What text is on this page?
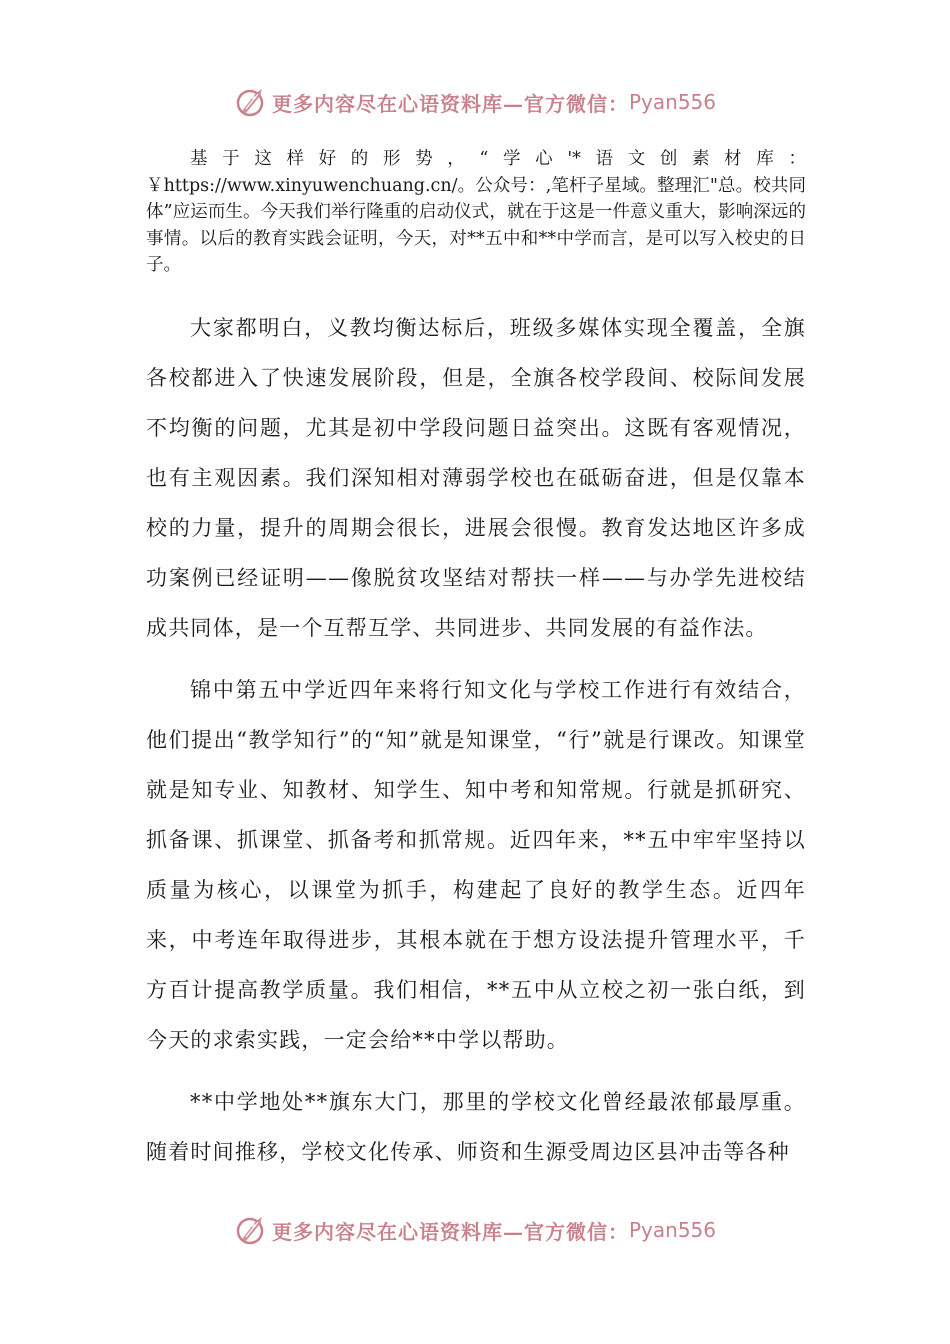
更多内容尽在心语资料库—官方微信： Pyan556

基于这样好的形势，“学心'*语文创素材库：￥https://www.xinyuwenchuang.cn/。公众号：,笔杆子星域。整理汇"总。校共同体”应运而生。今天我们举行隆重的启动仪式，就在于这是一件意义重大，影响深远的事情。以后的教育实践会证明，今天，对**五中和**中学而言，是可以写入校史的日子。

大家都明白，义教均衡达标后，班级多媒体实现全覆盖，全旗各校都进入了快速发展阶段，但是，全旗各校学段间、校际间发展不均衡的问题，尤其是初中学段问题日益突出。这既有客观情况，也有主观因素。我们深知相对薄弱学校也在砥砺奋进，但是仅靠本校的力量，提升的周期会很长，进展会很慢。教育发达地区许多成功案例已经证明——像脱贫攻坚结对帮扶一样——与办学先进校结成共同体，是一个互帮互学、共同进步、共同发展的有益作法。

锦中第五中学近四年来将行知文化与学校工作进行有效结合，他们提出“教学知行”的“知”就是知课堂，“行”就是行课改。知课堂就是知专业、知教材、知学生、知中考和知常规。行就是抓研究、抓备课、抓课堂、抓备考和抓常规。近四年来，**五中牢牢坚持以质量为核心，以课堂为抓手，构建起了良好的教学生态。近四年来，中考连年取得进步，其根本就在于想方设法提升管理水平，千方百计提高教学质量。我们相信，**五中从立校之初一张白纸，到今天的求索实践，一定会给**中学以帮助。

**中学地处**旗东大门，那里的学校文化曾经最浓郁最厚重。随着时间推移，学校文化传承、师资和生源受周边区县冲击等各种

更多内容尽在心语资料库—官方微信： Pyan556
